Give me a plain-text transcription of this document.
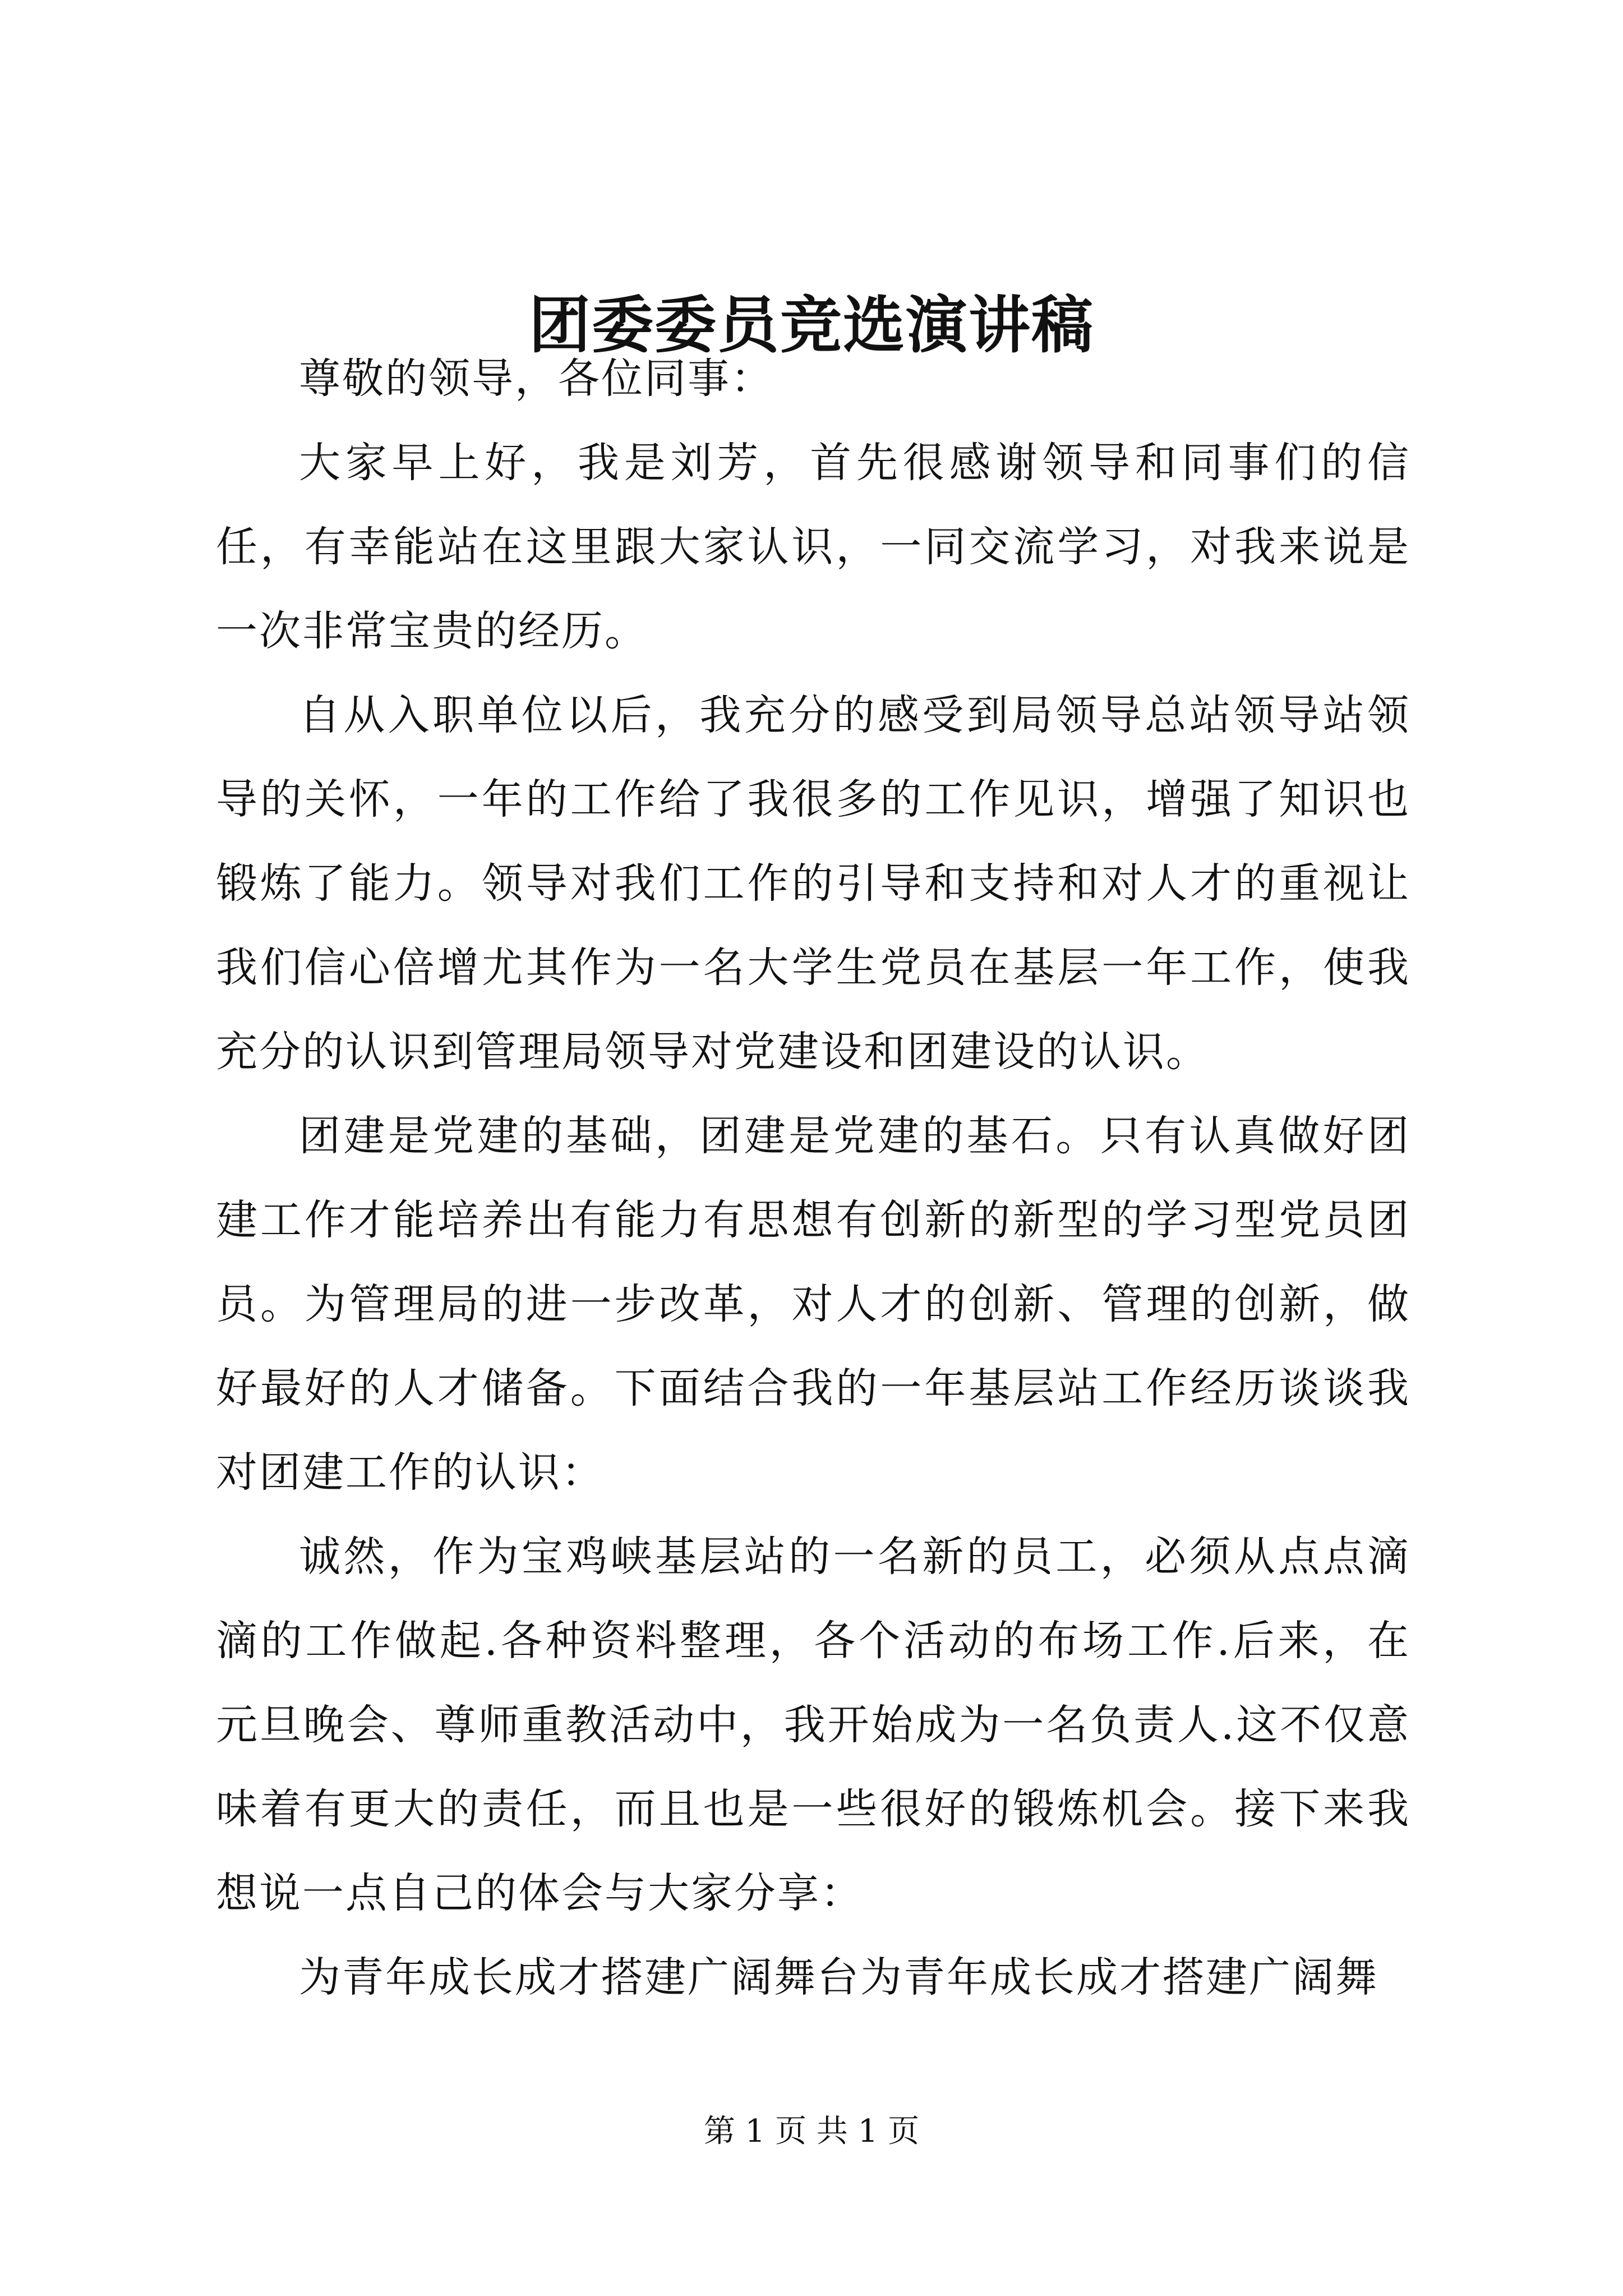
团委委员竞选演讲稿

尊敬的领导，各位同事：

大家早上好，我是刘芳，首先很感谢领导和同事们的信任，有幸能站在这里跟大家认识，一同交流学习，对我来说是一次非常宝贵的经历。

自从入职单位以后，我充分的感受到局领导总站领导站领导的关怀，一年的工作给了我很多的工作见识，增强了知识也锻炼了能力。领导对我们工作的引导和支持和对人才的重视让我们信心倍增尤其作为一名大学生党员在基层一年工作，使我充分的认识到管理局领导对党建设和团建设的认识。

团建是党建的基础，团建是党建的基石。只有认真做好团建工作才能培养出有能力有思想有创新的新型的学习型党员团员。为管理局的进一步改革，对人才的创新、管理的创新，做好最好的人才储备。下面结合我的一年基层站工作经历谈谈我对团建工作的认识：

诚然，作为宝鸡峡基层站的一名新的员工，必须从点点滴滴的工作做起.各种资料整理，各个活动的布场工作.后来，在元旦晚会、尊师重教活动中，我开始成为一名负责人.这不仅意味着有更大的责任，而且也是一些很好的锻炼机会。接下来我想说一点自己的体会与大家分享：

为青年成长成才搭建广阔舞台为青年成长成才搭建广阔舞

第 1 页 共 1 页
